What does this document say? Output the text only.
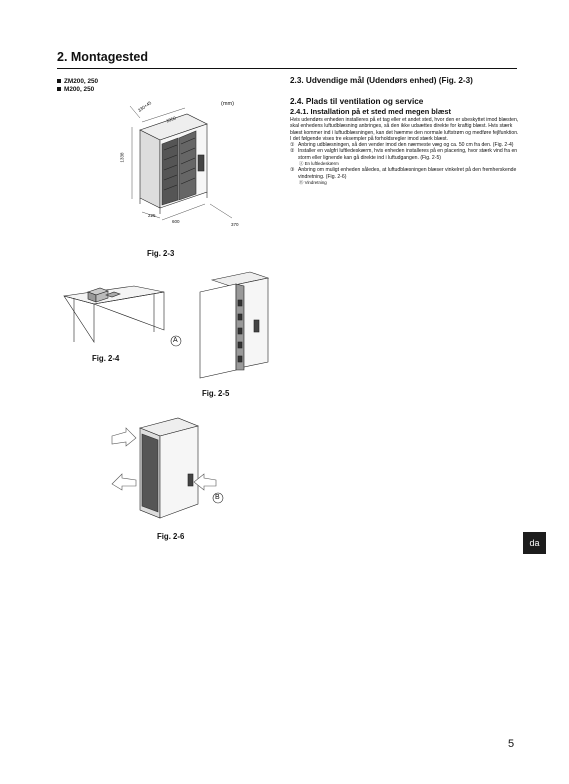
2. Montagested
ZM200, 250
M200, 250
(mm)
330+45
1050
1338
225
600
370
Fig. 2-3
Fig. 2-4
A
Fig. 2-5
B
Fig. 2-6
2.3. Udvendige mål (Udendørs enhed) (Fig. 2-3)
2.4. Plads til ventilation og service
2.4.1. Installation på et sted med megen blæst

Hvis udendørs enheden installeres på et tag eller et andet sted, hvor den er ubeskyttet imod blæsten, skal enhedens luftudblæsning anbringes, så den ikke udsættes direkte for kraftig blæst. Hvis stærk blæst kommer ind i luftudblæsningen, kan det hæmme den normale luftstrøm og medføre fejlfunktion.

I det følgende vises tre eksempler på forholdsregler imod stærk blæst.

① Anbring udblæsningen, så den vender imod den nærmeste væg og ca. 50 cm fra den. (Fig. 2-4)
② Installer en valgfri luftledeskærm, hvis enheden installeres på en placering, hvor stærk vind fra en storm eller lignende kan gå direkte ind i luftudgangen. (Fig. 2-5)
Ⓐ En luftledeskærm
③ Anbring om muligt enheden således, at luftudblæsningen blæser vinkelret på den fremherskende vindretning. (Fig. 2-6)
Ⓑ Vindretning
da
5
